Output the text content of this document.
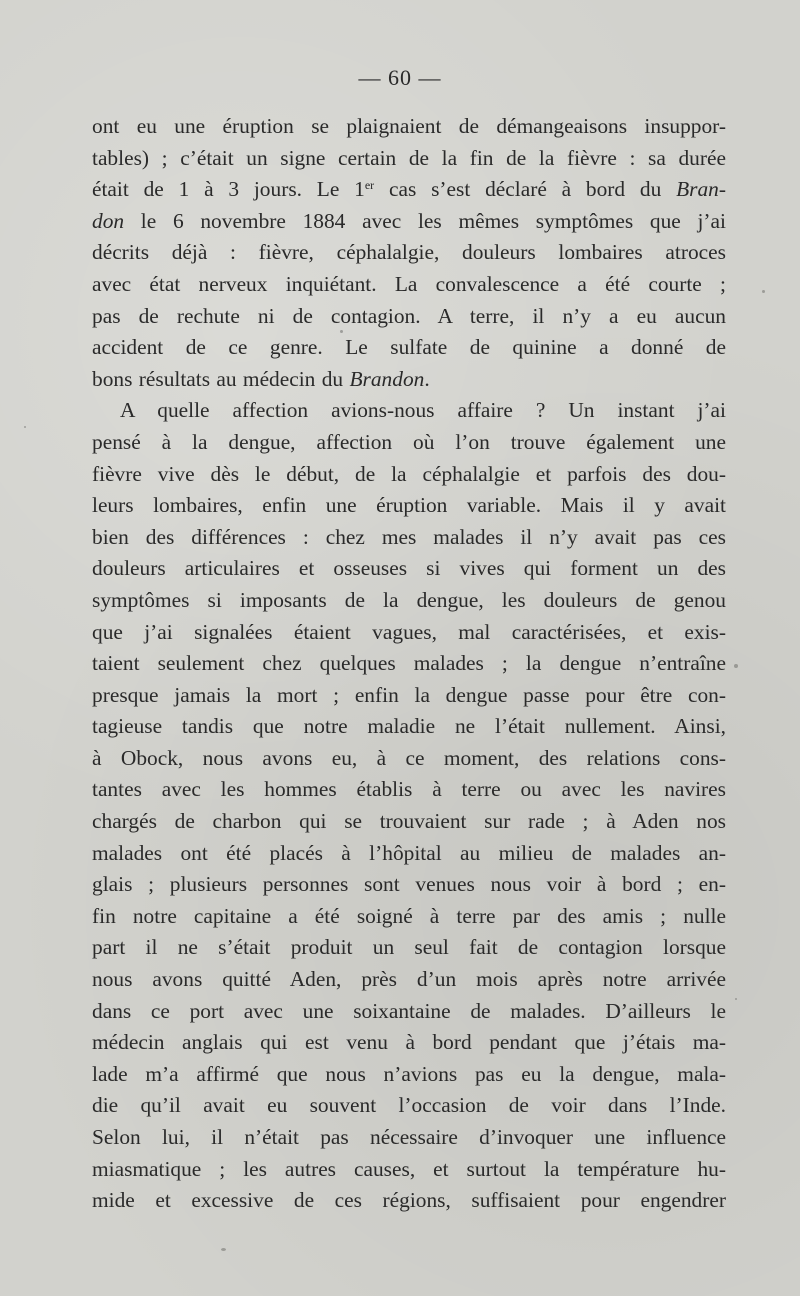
— 60 —
ont eu une éruption se plaignaient de démangeaisons insuppor-
tables) ; c’était un signe certain de la fin de la fièvre : sa durée
était de 1 à 3 jours. Le 1er cas s’est déclaré à bord du Bran-
don le 6 novembre 1884 avec les mêmes symptômes que j’ai
décrits déjà : fièvre, céphalalgie, douleurs lombaires atroces
avec état nerveux inquiétant. La convalescence a été courte ;
pas de rechute ni de contagion. A terre, il n’y a eu aucun
accident de ce genre. Le sulfate de quinine a donné de
bons résultats au médecin du Brandon.
A quelle affection avions-nous affaire ? Un instant j’ai
pensé à la dengue, affection où l’on trouve également une
fièvre vive dès le début, de la céphalalgie et parfois des dou-
leurs lombaires, enfin une éruption variable. Mais il y avait
bien des différences : chez mes malades il n’y avait pas ces
douleurs articulaires et osseuses si vives qui forment un des
symptômes si imposants de la dengue, les douleurs de genou
que j’ai signalées étaient vagues, mal caractérisées, et exis-
taient seulement chez quelques malades ; la dengue n’entraîne
presque jamais la mort ; enfin la dengue passe pour être con-
tagieuse tandis que notre maladie ne l’était nullement. Ainsi,
à Obock, nous avons eu, à ce moment, des relations cons-
tantes avec les hommes établis à terre ou avec les navires
chargés de charbon qui se trouvaient sur rade ; à Aden nos
malades ont été placés à l’hôpital au milieu de malades an-
glais ; plusieurs personnes sont venues nous voir à bord ; en-
fin notre capitaine a été soigné à terre par des amis ; nulle
part il ne s’était produit un seul fait de contagion lorsque
nous avons quitté Aden, près d’un mois après notre arrivée
dans ce port avec une soixantaine de malades. D’ailleurs le
médecin anglais qui est venu à bord pendant que j’étais ma-
lade m’a affirmé que nous n’avions pas eu la dengue, mala-
die qu’il avait eu souvent l’occasion de voir dans l’Inde.
Selon lui, il n’était pas nécessaire d’invoquer une influence
miasmatique ; les autres causes, et surtout la température hu-
mide et excessive de ces régions, suffisaient pour engendrer
